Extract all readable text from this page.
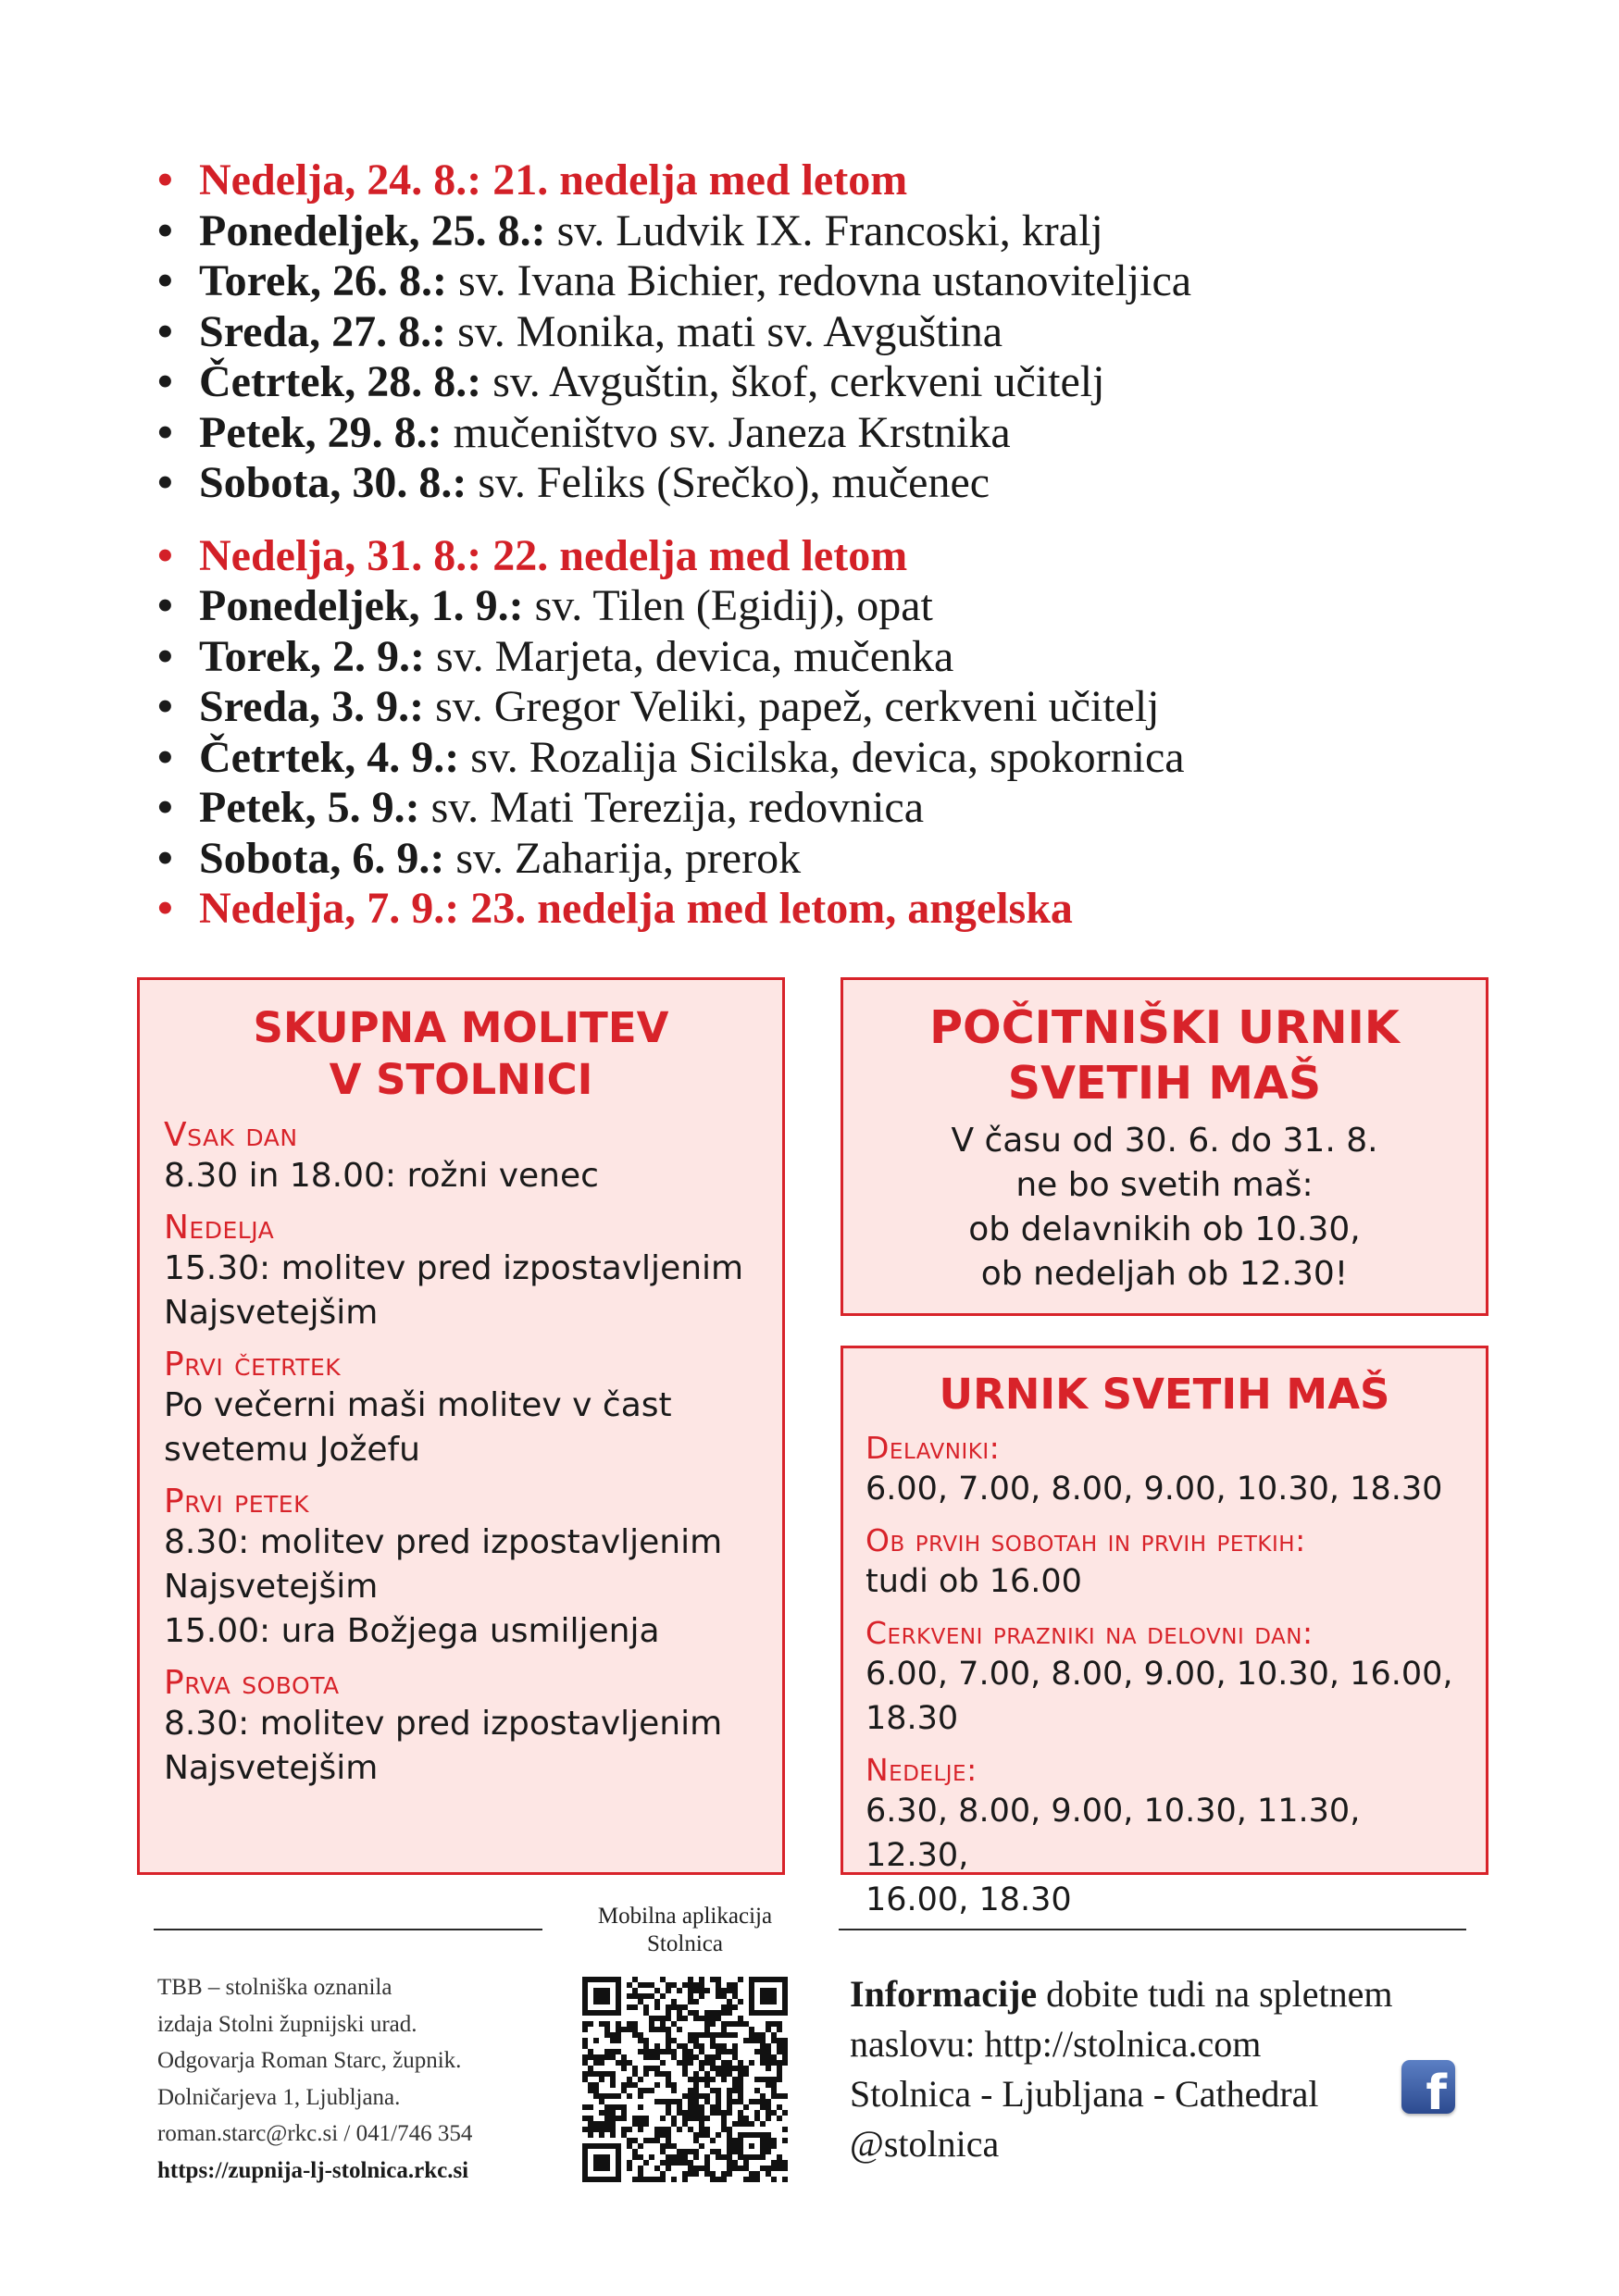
• Nedelja, 24. 8.: 21. nedelja med letom
• Ponedeljek, 25. 8.: sv. Ludvik IX. Francoski, kralj
• Torek, 26. 8.: sv. Ivana Bichier, redovna ustanoviteljica
• Sreda, 27. 8.: sv. Monika, mati sv. Avguština
• Četrtek, 28. 8.: sv. Avguštin, škof, cerkveni učitelj
• Petek, 29. 8.: mučeništvo sv. Janeza Krstnika
• Sobota, 30. 8.: sv. Feliks (Srečko), mučenec
• Nedelja, 31. 8.: 22. nedelja med letom
• Ponedeljek, 1. 9.: sv. Tilen (Egidij), opat
• Torek, 2. 9.: sv. Marjeta, devica, mučenka
• Sreda, 3. 9.: sv. Gregor Veliki, papež, cerkveni učitelj
• Četrtek, 4. 9.: sv. Rozalija Sicilska, devica, spokornica
• Petek, 5. 9.: sv. Mati Terezija, redovnica
• Sobota, 6. 9.: sv. Zaharija, prerok
• Nedelja, 7. 9.: 23. nedelja med letom, angelska
SKUPNA MOLITEV
V STOLNICI
Vsak dan
8.30 in 18.00: rožni venec
Nedelja
15.30: molitev pred izpostavljenim
Najsvetejšim
Prvi četrtek
Po večerni maši molitev v čast
svetemu Jožefu
Prvi petek
8.30: molitev pred izpostavljenim
Najsvetejšim
15.00: ura Božjega usmiljenja
Prva sobota
8.30: molitev pred izpostavljenim
Najsvetejšim
POČITNIŠKI URNIK
SVETIH MAŠ
V času od 30. 6. do 31. 8.
ne bo svetih maš:
ob delavnikih ob 10.30,
ob nedeljah ob 12.30!
URNIK SVETIH MAŠ
Delavniki:
6.00, 7.00, 8.00, 9.00, 10.30, 18.30
Ob prvih sobotah in prvih petkih:
tudi ob 16.00
Cerkveni prazniki na delovni dan:
6.00, 7.00, 8.00, 9.00, 10.30, 16.00, 18.30
Nedelje:
6.30, 8.00, 9.00, 10.30, 11.30, 12.30,
16.00, 18.30
TBB – stolniška oznanila
izdaja Stolni župnijski urad.
Odgovarja Roman Starc, župnik.
Dolničarjeva 1, Ljubljana.
roman.starc@rkc.si / 041/746 354
https://zupnija-lj-stolnica.rkc.si
Mobilna aplikacija
Stolnica
Informacije dobite tudi na spletnem
naslovu: http://stolnica.com
Stolnica - Ljubljana - Cathedral
@stolnica
f
